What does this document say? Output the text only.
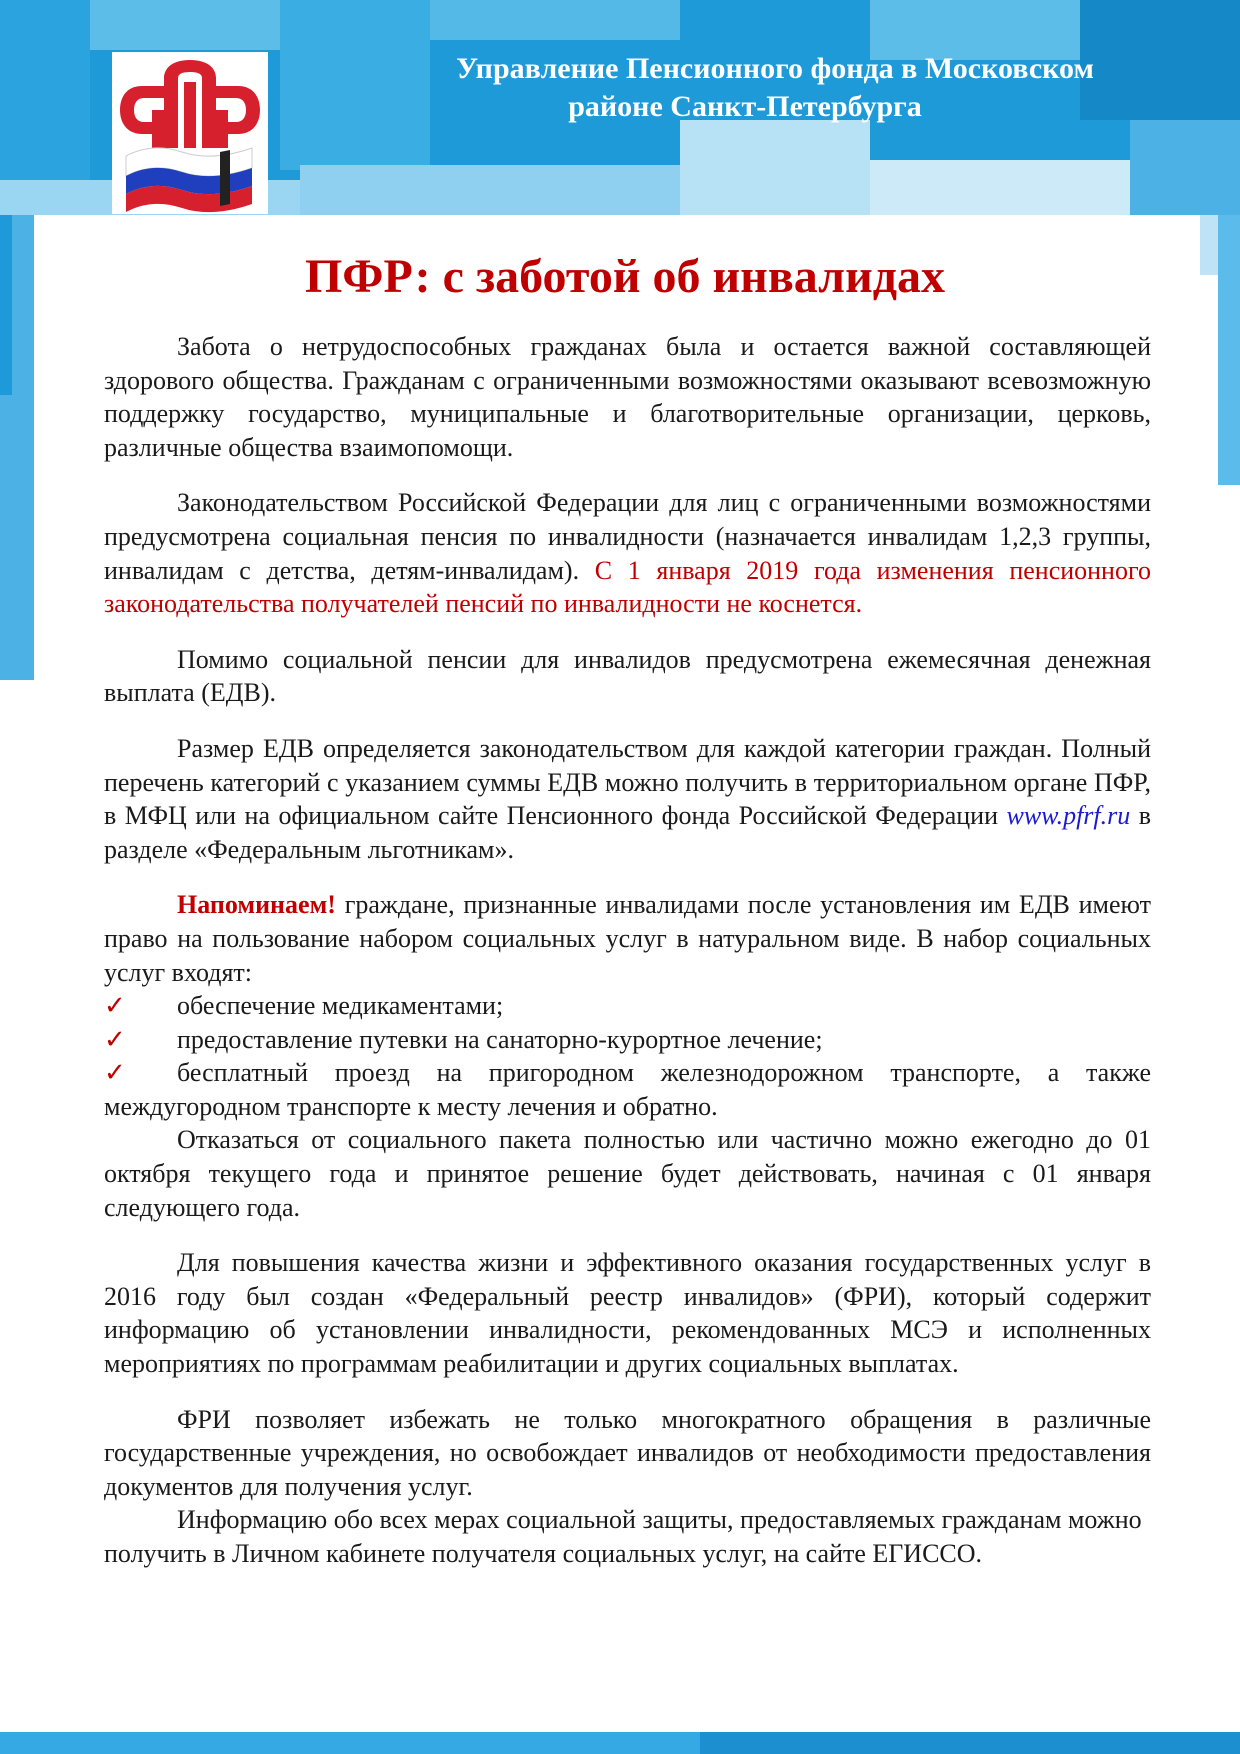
Управление Пенсионного фонда в Московском

районе Санкт-Петербурга
ПФР: с заботой об инвалидах

Забота о нетрудоспособных гражданах была и остается важной составляющей здорового общества. Гражданам с ограниченными возможностями оказывают всевозможную поддержку государство, муниципальные и благотворительные организации, церковь, различные общества взаимопомощи.

Законодательством Российской Федерации для лиц с ограниченными возможностями предусмотрена социальная пенсия по инвалидности (назначается инвалидам 1,2,3 группы, инвалидам с детства, детям-инвалидам). С 1 января 2019 года изменения пенсионного законодательства получателей пенсий по инвалидности не коснется.

Помимо социальной пенсии для инвалидов предусмотрена ежемесячная денежная выплата (ЕДВ).

Размер ЕДВ определяется законодательством для каждой категории граждан. Полный перечень категорий с указанием суммы ЕДВ можно получить в территориальном органе ПФР, в МФЦ или на официальном сайте Пенсионного фонда Российской Федерации www.pfrf.ru в разделе «Федеральным льготникам».

Напоминаем! граждане, признанные инвалидами после установления им ЕДВ имеют право на пользование набором социальных услуг в натуральном виде. В набор социальных услуг входят:

✓ обеспечение медикаментами;
✓ предоставление путевки на санаторно-курортное лечение;
✓ бесплатный проезд на пригородном железнодорожном транспорте, а также междугородном транспорте к месту лечения и обратно.

Отказаться от социального пакета полностью или частично можно ежегодно до 01 октября текущего года и принятое решение будет действовать, начиная с 01 января следующего года.

Для повышения качества жизни и эффективного оказания государственных услуг в 2016 году был создан «Федеральный реестр инвалидов» (ФРИ), который содержит информацию об установлении инвалидности, рекомендованных МСЭ и исполненных мероприятиях по программам реабилитации и других социальных выплатах.

ФРИ позволяет избежать не только многократного обращения в различные государственные учреждения, но освобождает инвалидов от необходимости предоставления документов для получения услуг.

Информацию обо всех мерах социальной защиты, предоставляемых гражданам можно получить в Личном кабинете получателя социальных услуг, на сайте ЕГИССО.
